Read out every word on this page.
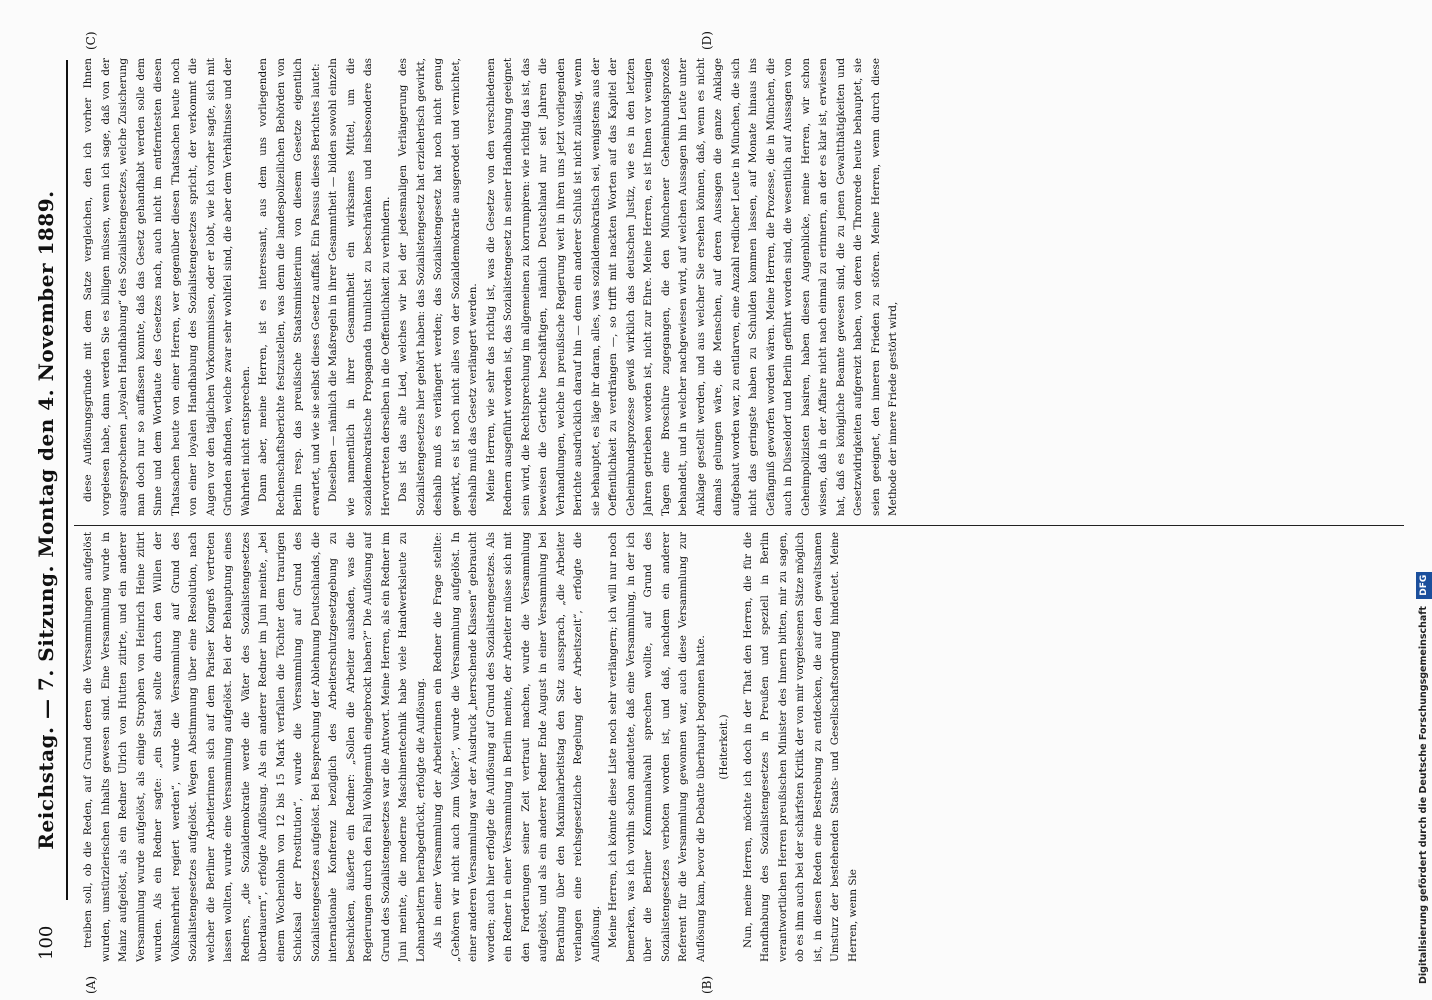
100
Reichstag. — 7. Sitzung. Montag den 4. November 1889.
(A)	(B)
(C)	(D)

treiben soll, ob die Reden, auf Grund deren die Versammlungen aufgelöst wurden, umstürzlerischen Inhalts gewesen sind. Eine Versammlung wurde in Mainz aufgelöst, als ein Redner Ulrich von Hutten zitirte, und ein anderer Versammlung wurde aufgelöst, als einige Strophen von Heinrich Heine zitirt wurden. Als ein Redner sagte: „ein Staat sollte durch den Willen der Volksmehrheit regiert werden“, wurde die Versammlung auf Grund des Sozialistengesetzes aufgelöst. Wegen Abstimmung über eine Resolution, nach welcher die Berliner Arbeiterinnen sich auf dem Pariser Kongreß vertreten lassen wollten, wurde eine Versammlung aufgelöst. Bei der Behauptung eines Redners, „die Sozialdemokratie werde die Väter des Sozialistengesetzes überdauern“, erfolgte Auflösung. Als ein anderer Redner im Juni meinte, „bei einem Wochenlohn von 12 bis 15 Mark verfallen die Töchter dem traurigen Schicksal der Prostitution“, wurde die Versammlung auf Grund des Sozialistengesetzes aufgelöst. Bei Besprechung der Ablehnung Deutschlands, die internationale Konferenz bezüglich des Arbeiterschutzgesetzgebung zu beschicken, äußerte ein Redner: „Sollen die Arbeiter ausbaden, was die Regierungen durch den Fall Wohlgemuth eingebrockt haben?“ Die Auflösung auf Grund des Sozialistengesetzes war die Antwort. Meine Herren, als ein Redner im Juni meinte, die moderne Maschinentechnik habe viele Handwerksleute zu Lohnarbeitern herabgedrückt, erfolgte die Auflösung. Als in einer Versammlung der Arbeiterinnen ein Redner die Frage stellte: „Gehören wir nicht auch zum Volke?“, wurde die Versammlung aufgelöst. In einer anderen Versammlung war der Ausdruck „herrschende Klassen“ gebraucht worden; auch hier erfolgte die Auflösung auf Grund des Sozialistengesetzes. Als ein Redner in einer Versammlung in Berlin meinte, der Arbeiter müsse sich mit den Forderungen seiner Zeit vertraut machen, wurde die Versammlung aufgelöst, und als ein anderer Redner Ende August in einer Versammlung bei Berathung über den Maximalarbeitstag den Satz aussprach, „die Arbeiter verlangen eine reichsgesetzliche Regelung der Arbeitszeit“, erfolgte die Auflösung. Meine Herren, ich könnte diese Liste noch sehr verlängern; ich will nur noch bemerken, was ich vorhin schon andeutete, daß eine Versammlung, in der ich über die Berliner Kommunalwahl sprechen wollte, auf Grund des Sozialistengesetzes verboten worden ist, und daß, nachdem ein anderer Referent für die Versammlung gewonnen war, auch diese Versammlung zur Auflösung kam, bevor die Debatte überhaupt begonnen hatte.	(Heiterkeit.)	Nun, meine Herren, möchte ich doch in der That den Herren, die für die Handhabung des Sozialistengesetzes in Preußen und speziell in Berlin verantwortlichen Herren preußischen Minister des Innern bitten, mir zu sagen, ob es ihm auch bei der schärfsten Kritik der von mir vorgelesenen Sätze möglich ist, in diesen Reden eine Bestrebung zu entdecken, die auf den gewaltsamen Umsturz der bestehenden Staats- und Gesellschaftsordnung hindeutet. Meine Herren, wenn Sie

diese Auflösungsgründe mit dem Satze vergleichen, den ich vorher Ihnen vorgelesen habe, dann werden Sie es billigen müssen, wenn ich sage, daß von der ausgesprochenen „loyalen Handhabung“ des Sozialistengesetzes, welche Zusicherung man doch nur so auffassen konnte, daß das Gesetz gehandhabt werden solle dem Sinne und dem Wortlaute des Gesetzes nach, auch nicht im entferntesten diesen Thatsachen heute von einer Herren, wer gegenüber diesen Thatsachen heute noch von einer loyalen Handhabung des Sozialistengesetzes spricht, der verkommt die Augen vor den täglichen Vorkommnissen, oder er lobt, wie ich vorher sagte, sich mit Gründen abfinden, welche zwar sehr wohlfeil sind, die aber dem Verhältnisse und der Wahrheit nicht entsprechen. Dann aber, meine Herren, ist es interessant, aus dem uns vorliegenden Rechenschaftsberichte festzustellen, was denn die landespolizeilichen Behörden von Berlin resp. das preußische Staatsministerium von diesem Gesetze eigentlich erwartet, und wie sie selbst dieses Gesetz auffaßt. Ein Passus dieses Berichtes lautet: Dieselben — nämlich die Maßregeln in ihrer Gesammtheit — bilden sowohl einzeln wie namentlich in ihrer Gesammtheit ein wirksames Mittel, um die sozialdemokratische Propaganda thunlichst zu beschränken und insbesondere das Hervortreten derselben in die Oeffentlichkeit zu verhindern. Das ist das alte Lied, welches wir bei der jedesmaligen Verlängerung des Sozialistengesetzes hier gehört haben: das Sozialistengesetz hat erzieherisch gewirkt, deshalb muß es verlängert werden; das Sozialistengesetz hat noch nicht genug gewirkt, es ist noch nicht alles von der Sozialdemokratie ausgerodet und vernichtet, deshalb muß das Gesetz verlängert werden. Meine Herren, wie sehr das richtig ist, was die Gesetze von den verschiedenen Rednern ausgeführt worden ist, das Sozialistengesetz in seiner Handhabung geeignet sein wird, die Rechtsprechung im allgemeinen zu korrumpiren: wie richtig das ist, das beweisen die Gerichte beschäftigen, nämlich Deutschland nur seit Jahren die Verhandlungen, welche in preußische Regierung weit in ihren uns jetzt vorliegenden Berichte ausdrücklich darauf hin — denn ein anderer Schluß ist nicht zulässig, wenn sie behauptet, es läge ihr daran, alles, was sozialdemokratisch sei, wenigstens aus der Oeffentlichkeit zu verdrängen —, so trifft mit nackten Worten auf das Kapitel der Geheimbundsprozesse gewiß wirklich das deutschen Justiz, wie es in den letzten Jahren getrieben worden ist, nicht zur Ehre. Meine Herren, es ist Ihnen vor wenigen Tagen eine Broschüre zugegangen, die den Münchener Geheimbundsprozeß behandelt, und in welcher nachgewiesen wird, auf welchen Aussagen hin Leute unter Anklage gestellt werden, und aus welcher Sie ersehen können, daß, wenn es nicht damals gelungen wäre, die Menschen, auf deren Aussagen die ganze Anklage aufgebaut worden war, zu entlarven, eine Anzahl redlicher Leute in München, die sich nicht das geringste haben zu Schulden kommen lassen, auf Monate hinaus ins Gefängniß geworfen worden wären. Meine Herren, die Prozesse, die in München, die auch in Düsseldorf und Berlin geführt worden sind, die wesentlich auf Aussagen von Geheimpolizisten basiren, haben diesen Augenblicke, meine Herren, wir schon wissen, daß in der Affaire nicht nach einmal zu erinnern, an der es klar ist, erwiesen hat, daß es königliche Beamte gewesen sind, die zu jenen Gewaltthätigkeiten und Gesetzwidrigkeiten aufgereizt haben, von deren die Thronrede heute behauptet, sie seien geeignet, den inneren Frieden zu stören. Meine Herren, wenn durch diese Methode der innere Friede gestört wird,

Digitalisierung gefördert durch die Deutsche Forschungsgemeinschaft DFG
